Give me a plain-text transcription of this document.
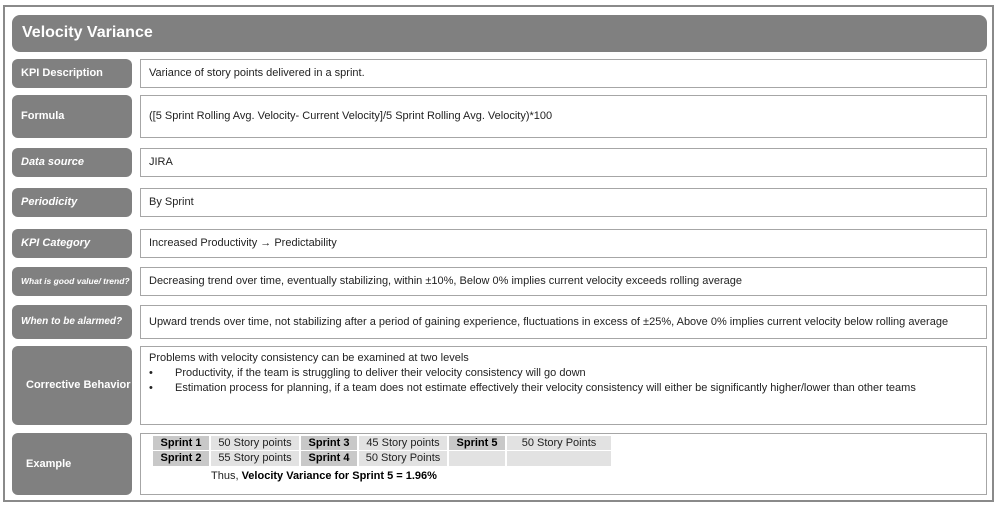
Velocity Variance
KPI Description	Variance of story points delivered in a sprint.
Formula	([5 Sprint Rolling Avg. Velocity- Current Velocity]/5 Sprint Rolling Avg. Velocity)*100
Data source	JIRA
Periodicity	By Sprint
KPI Category	Increased Productivity → Predictability
What is good value/ trend?	Decreasing trend over time, eventually stabilizing, within ±10%, Below 0% implies current velocity exceeds rolling average
When to be alarmed?	Upward trends over time, not stabilizing after a period of gaining experience, fluctuations in excess of ±25%, Above 0% implies current velocity below rolling average
Corrective Behavior
Problems with velocity consistency can be examined at two levels
• Productivity, if the team is struggling to deliver their velocity consistency will go down
• Estimation process for planning, if a team does not estimate effectively their velocity consistency will either be significantly higher/lower than other teams
Example
Sprint 1	50 Story points	Sprint 3	45 Story points	Sprint 5	50 Story Points
Sprint 2	55 Story points	Sprint 4	50 Story Points		
Thus, Velocity Variance for Sprint 5 = 1.96%
